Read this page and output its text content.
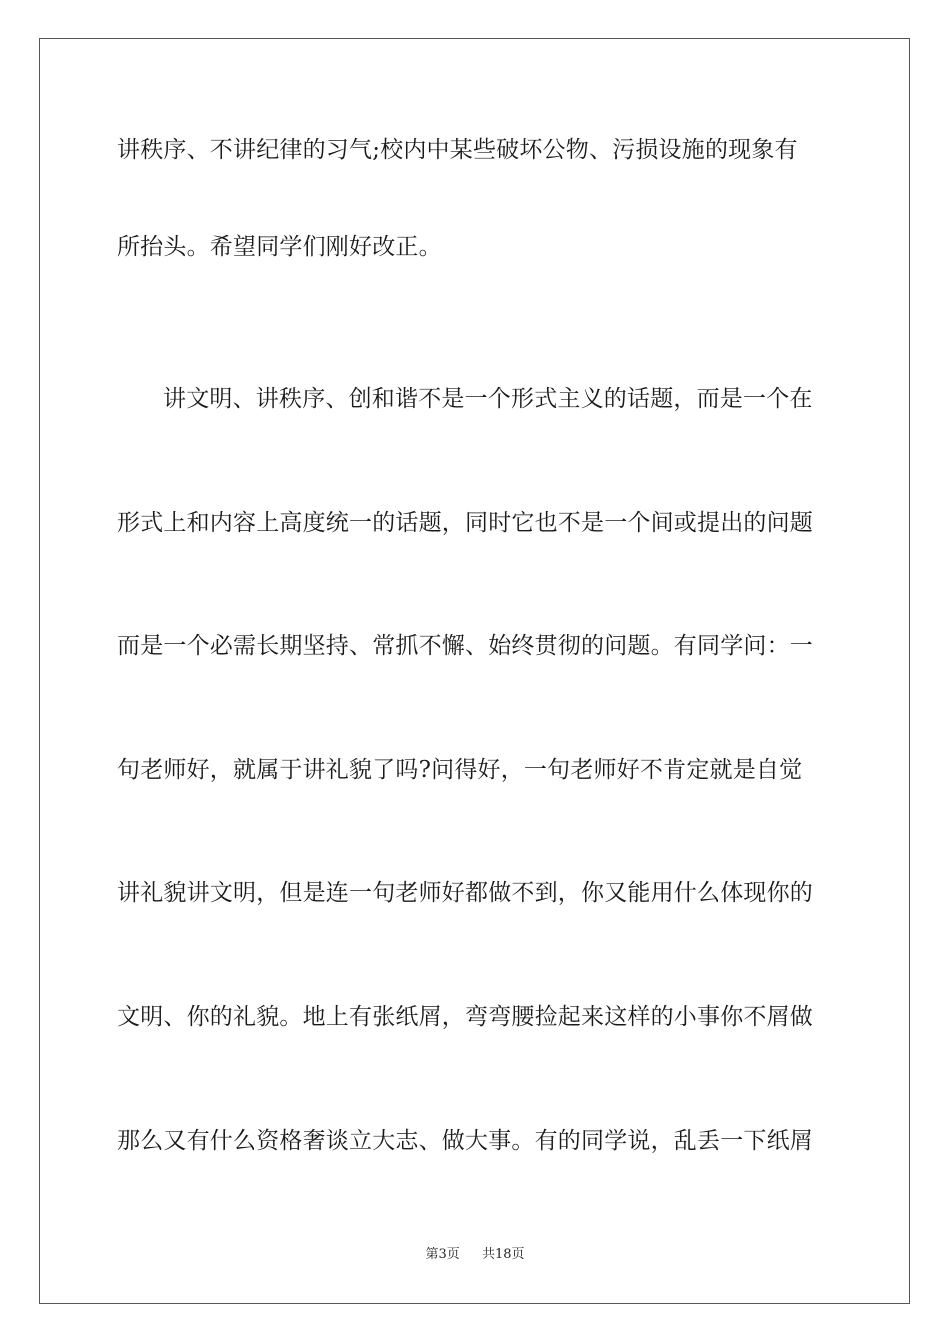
讲秩序、不讲纪律的习气;校内中某些破坏公物、污损设施的现象有
所抬头。希望同学们刚好改正。
讲文明、讲秩序、创和谐不是一个形式主义的话题，而是一个在
形式上和内容上高度统一的话题，同时它也不是一个间或提出的问题
而是一个必需长期坚持、常抓不懈、始终贯彻的问题。有同学问：一
句老师好，就属于讲礼貌了吗?问得好，一句老师好不肯定就是自觉
讲礼貌讲文明，但是连一句老师好都做不到，你又能用什么体现你的
文明、你的礼貌。地上有张纸屑，弯弯腰捡起来这样的小事你不屑做
那么又有什么资格奢谈立大志、做大事。有的同学说，乱丢一下纸屑
第3页 共18页
